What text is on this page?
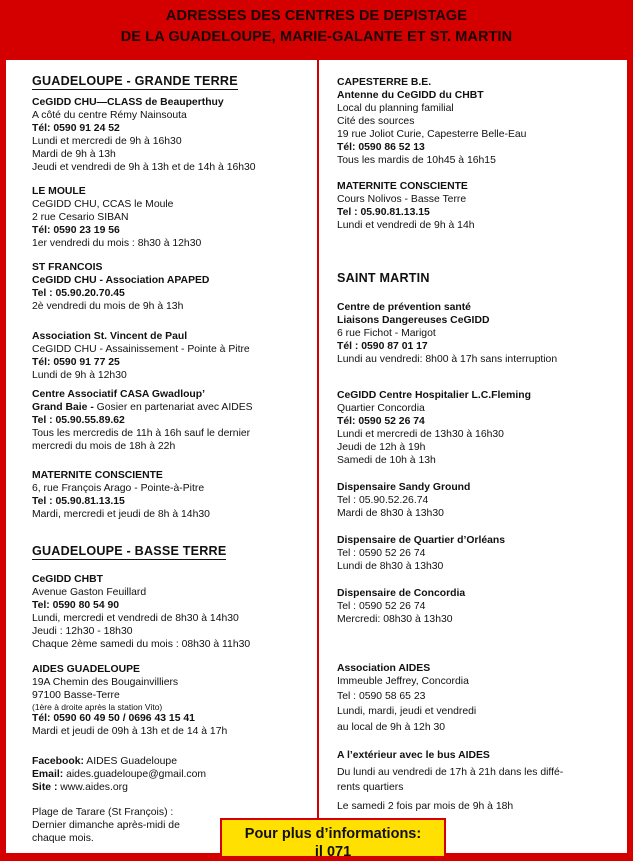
ADRESSES DES CENTRES DE DEPISTAGE
DE LA GUADELOUPE, MARIE-GALANTE ET ST. MARTIN
GUADELOUPE - GRANDE TERRE
CeGIDD CHU—CLASS de Beauperthuy
A côté du centre Rémy Nainsouta
Tél: 0590 91 24 52
Lundi et mercredi de 9h à 16h30
Mardi de 9h à 13h
Jeudi et vendredi de 9h à 13h et de 14h à 16h30
LE MOULE
CeGIDD CHU, CCAS le Moule
2 rue Cesario SIBAN
Tél: 0590 23 19 56
1er vendredi du mois : 8h30 à 12h30
ST FRANCOIS
CeGIDD CHU - Association APAPED
Tel : 05.90.20.70.45
2è vendredi du mois de 9h à 13h
Association St. Vincent de Paul
CeGIDD CHU - Assainissement - Pointe à Pitre
Tél: 0590 91 77 25
Lundi de 9h à 12h30
Centre Associatif CASA Gwadloup’
Grand Baie - Gosier en partenariat avec AIDES
Tel : 05.90.55.89.62
Tous les mercredis de 11h à 16h sauf le dernier
mercredi du mois de 18h à 22h
MATERNITE CONSCIENTE
6, rue François Arago - Pointe-à-Pitre
Tel : 05.90.81.13.15
Mardi, mercredi et jeudi de 8h à 14h30
GUADELOUPE - BASSE TERRE
CeGIDD CHBT
Avenue Gaston Feuillard
Tel: 0590 80 54 90
Lundi, mercredi et vendredi de 8h30 à 14h30
Jeudi : 12h30 - 18h30
Chaque 2ème samedi du mois : 08h30 à 11h30
AIDES GUADELOUPE
19A Chemin des Bougainvilliers
97100 Basse-Terre
(1ère à droite après la station Vito)
Tél: 0590 60 49 50 / 0696 43 15 41
Mardi et jeudi de 09h à 13h et de 14 à 17h
Facebook: AIDES Guadeloupe
Email: aides.guadeloupe@gmail.com
Site : www.aides.org
Plage de Tarare (St François) :
Dernier dimanche après-midi de
chaque mois.
CAPESTERRE B.E.
Antenne du CeGIDD du CHBT
Local du planning familial
Cité des sources
19 rue Joliot Curie, Capesterre Belle-Eau
Tél: 0590 86 52 13
Tous les mardis de 10h45 à 16h15
MATERNITE CONSCIENTE
Cours Nolivos - Basse Terre
Tel : 05.90.81.13.15
Lundi et vendredi de 9h à 14h
SAINT MARTIN
Centre de prévention santé
Liaisons Dangereuses CeGIDD
6 rue Fichot - Marigot
Tél : 0590 87 01 17
Lundi au vendredi: 8h00 à 17h sans interruption
CeGIDD Centre Hospitalier L.C.Fleming
Quartier Concordia
Tél: 0590 52 26 74
Lundi et mercredi de 13h30 à 16h30
Jeudi de 12h à 19h
Samedi de 10h à 13h
Dispensaire Sandy Ground
Tel : 05.90.52.26.74
Mardi de 8h30 à 13h30
Dispensaire de Quartier d’Orléans
Tel : 0590 52 26 74
Lundi de 8h30 à 13h30
Dispensaire de Concordia
Tel : 0590 52 26 74
Mercredi: 08h30 à 13h30
Association AIDES
Immeuble Jeffrey, Concordia
Tel : 0590 58 65 23
Lundi, mardi, jeudi et vendredi
au local de 9h à 12h 30
A l’extérieur avec le bus AIDES
Du lundi au vendredi de 17h à 21h dans les diffé-
rents quartiers
Le samedi 2 fois par mois de 9h à 18h
Pour plus d’informations:
il 071
